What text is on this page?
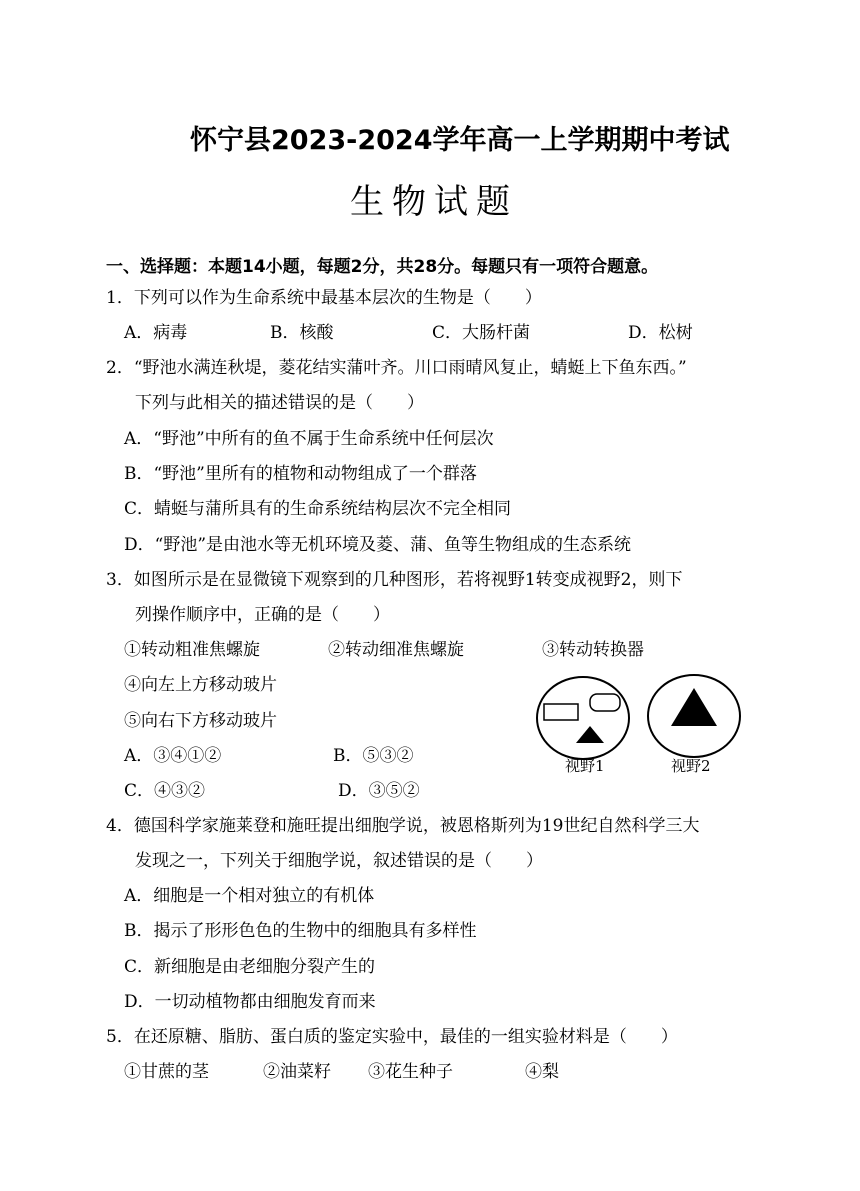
怀宁县2023-2024学年高一上学期期中考试
生物试题
一、选择题：本题14小题，每题2分，共28分。每题只有一项符合题意。
1．下列可以作为生命系统中最基本层次的生物是（　　）
A．病毒	B．核酸	C．大肠杆菌	D．松树
2．“野池水满连秋堤，菱花结实蒲叶齐。川口雨晴风复止，蜻蜓上下鱼东西。”
下列与此相关的描述错误的是（　　）
A．“野池”中所有的鱼不属于生命系统中任何层次
B．“野池”里所有的植物和动物组成了一个群落
C．蜻蜓与蒲所具有的生命系统结构层次不完全相同
D．“野池”是由池水等无机环境及菱、蒲、鱼等生物组成的生态系统
3．如图所示是在显微镜下观察到的几种图形，若将视野1转变成视野2，则下
列操作顺序中，正确的是（　　）
①转动粗准焦螺旋	②转动细准焦螺旋	③转动转换器
④向左上方移动玻片
⑤向右下方移动玻片
A．③④①②	B．⑤③②
C．④③②	D．③⑤②
视野1	视野2
4．德国科学家施莱登和施旺提出细胞学说，被恩格斯列为19世纪自然科学三大
发现之一，下列关于细胞学说，叙述错误的是（　　）
A．细胞是一个相对独立的有机体
B．揭示了形形色色的生物中的细胞具有多样性
C．新细胞是由老细胞分裂产生的
D．一切动植物都由细胞发育而来
5．在还原糖、脂肪、蛋白质的鉴定实验中，最佳的一组实验材料是（　　）
①甘蔗的茎	②油菜籽 ③花生种子	④梨
